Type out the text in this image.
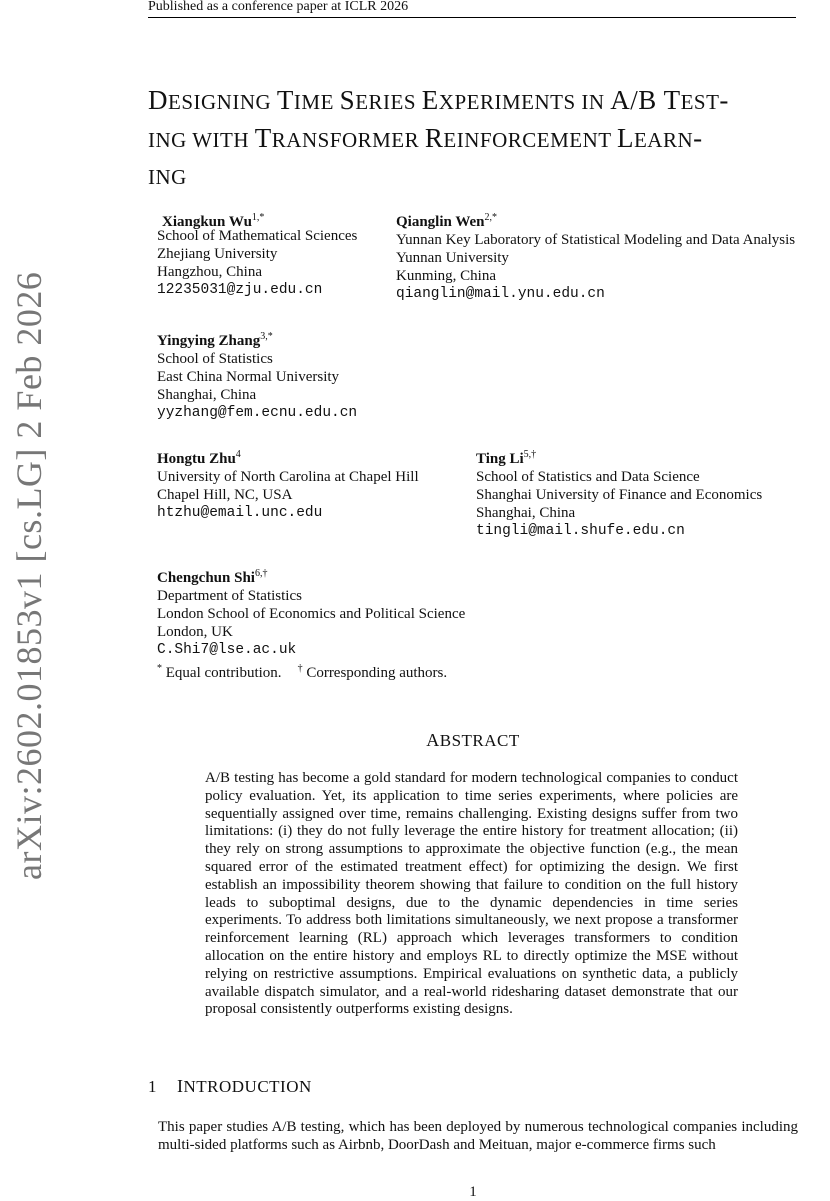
Published as a conference paper at ICLR 2026
arXiv:2602.01853v1 [cs.LG] 2 Feb 2026
DESIGNING TIME SERIES EXPERIMENTS IN A/B TEST-
ING WITH TRANSFORMER REINFORCEMENT LEARN-
ING
Xiangkun $Wu^{1,*}$
School of Mathematical Sciences
Zhejiang University
Hangzhou, China
12235031@zju.edu.cn
Qianglin Wen$^{2,*}$
Yunnan Key Laboratory of Statistical Modeling and Data Analysis
Yunnan University
Kunming, China
qianglin@mail.ynu.edu.cn
Yingying Zhang$^{3,*}$
School of Statistics
East China Normal University
Shanghai, China
yyzhang@fem.ecnu.edu.cn
Hongtu Zhu$^4$
University of North Carolina at Chapel Hill
Chapel Hill, NC, USA
htzhu@email.unc.edu
Ting $Li^{5,\dagger}$
School of Statistics and Data Science
Shanghai University of Finance and Economics
Shanghai, China
tingli@mail.shufe.edu.cn
Chengchun Shi$^{6,\dagger}$
Department of Statistics
London School of Economics and Political Science
London, UK
C.Shi7@lse.ac.uk
* Equal contribution. † Corresponding authors.
ABSTRACT
A/B testing has become a gold standard for modern technological companies to conduct policy evaluation. Yet, its application to time series experiments, where policies are sequentially assigned over time, remains challenging. Existing designs suffer from two limitations: (i) they do not fully leverage the entire history for treatment allocation; (ii) they rely on strong assumptions to approximate the objective function (e.g., the mean squared error of the estimated treatment effect) for optimizing the design. We first establish an impossibility theorem showing that failure to condition on the full history leads to suboptimal designs, due to the dynamic dependencies in time series experiments. To address both limitations simultaneously, we next propose a transformer reinforcement learning (RL) approach which leverages transformers to condition allocation on the entire history and employs RL to directly optimize the MSE without relying on restrictive assumptions. Empirical evaluations on synthetic data, a publicly available dispatch simulator, and a real-world ridesharing dataset demonstrate that our proposal consistently outperforms existing designs.
1 INTRODUCTION
This paper studies A/B testing, which has been deployed by numerous technological companies including multi-sided platforms such as Airbnb, DoorDash and Meituan, major e-commerce firms such
1
